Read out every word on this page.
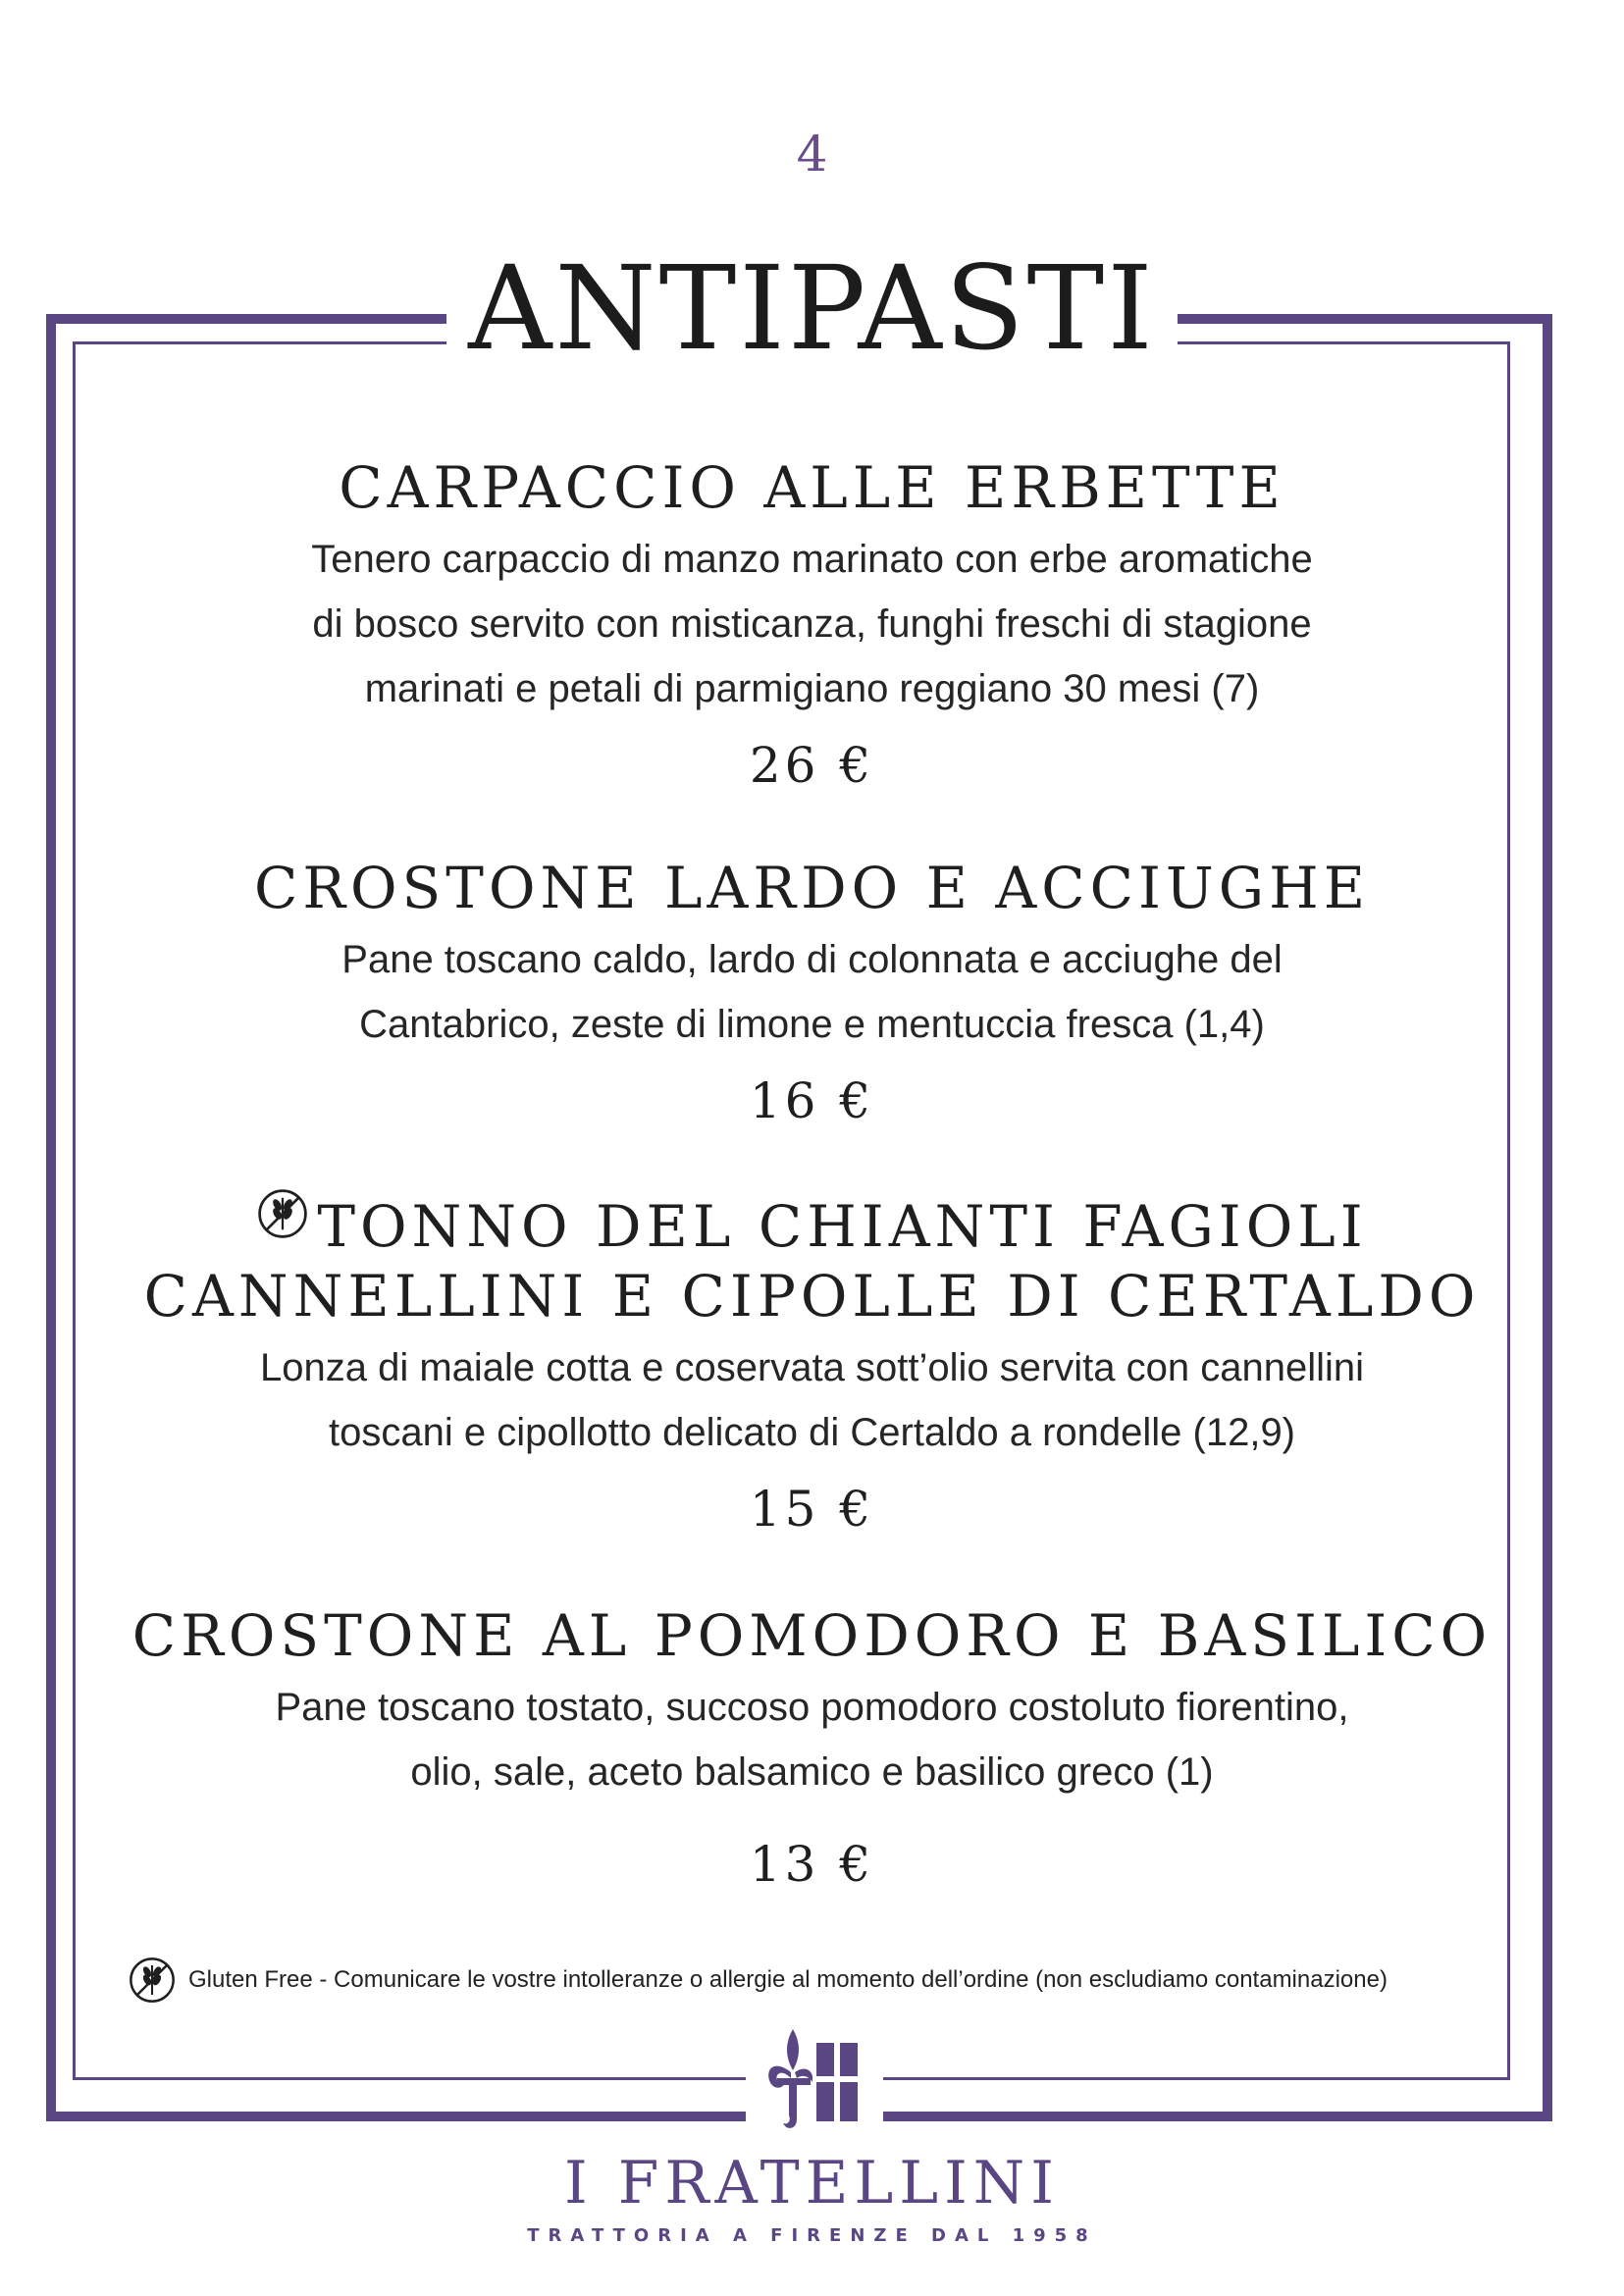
4
ANTIPASTI
CARPACCIO ALLE ERBETTE
Tenero carpaccio di manzo marinato con erbe aromatiche
di bosco servito con misticanza, funghi freschi di stagione
marinati e petali di parmigiano reggiano 30 mesi (7)
26 €
CROSTONE LARDO E ACCIUGHE
Pane toscano caldo, lardo di colonnata e acciughe del
Cantabrico, zeste di limone e mentuccia fresca (1,4)
16 €
TONNO DEL CHIANTI FAGIOLI
CANNELLINI E CIPOLLE DI CERTALDO
Lonza di maiale cotta e coservata sott’olio servita con cannellini
toscani e cipollotto delicato di Certaldo a rondelle (12,9)
15 €
CROSTONE AL POMODORO E BASILICO
Pane toscano tostato, succoso pomodoro costoluto fiorentino,
olio, sale, aceto balsamico e basilico greco (1)
13 €
Gluten Free - Comunicare le vostre intolleranze o allergie al momento dell’ordine (non escludiamo contaminazione)
I FRATELLINI
TRATTORIA A FIRENZE DAL 1958
